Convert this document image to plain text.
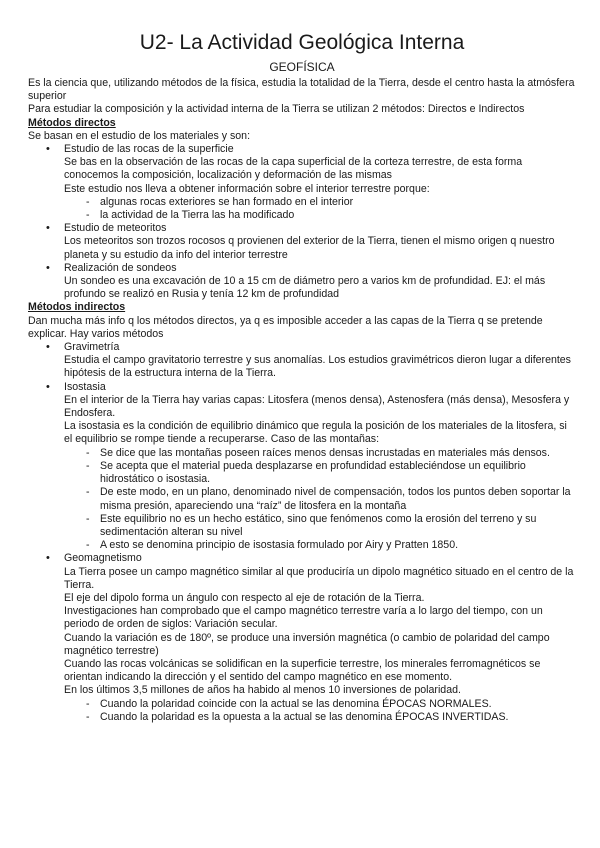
U2- La Actividad Geológica Interna
GEOFÍSICA

Es la ciencia que, utilizando métodos de la física, estudia la totalidad de la Tierra, desde el centro hasta la atmósfera superior

Para estudiar la composición y la actividad interna de la Tierra se utilizan 2 métodos: Directos e Indirectos

Métodos directos

Se basan en el estudio de los materiales y son:

• Estudio de las rocas de la superficie

Se bas en la observación de las rocas de la capa superficial de la corteza terrestre, de esta forma conocemos la composición, localización y deformación de las mismas

Este estudio nos lleva a obtener información sobre el interior terrestre porque:

- algunas rocas exteriores se han formado en el interior
- la actividad de la Tierra las ha modificado

• Estudio de meteoritos

Los meteoritos son trozos rocosos q provienen del exterior de la Tierra, tienen el mismo origen q nuestro planeta y su estudio da info del interior terrestre

• Realización de sondeos

Un sondeo es una excavación de 10 a 15 cm de diámetro pero a varios km de profundidad. EJ: el más profundo se realizó en Rusia y tenía 12 km de profundidad

Métodos indirectos

Dan mucha más info q los métodos directos, ya q es imposible acceder a las capas de la Tierra q se pretende explicar. Hay varios métodos

• Gravimetría

Estudia el campo gravitatorio terrestre y sus anomalías. Los estudios gravimétricos dieron lugar a diferentes hipótesis de la estructura interna de la Tierra.

• Isostasia

En el interior de la Tierra hay varias capas: Litosfera (menos densa), Astenosfera (más densa), Mesosfera y Endosfera.

La isostasia es la condición de equilibrio dinámico que regula la posición de los materiales de la litosfera, si el equilibrio se rompe tiende a recuperarse. Caso de las montañas:

- Se dice que las montañas poseen raíces menos densas incrustadas en materiales más densos.
- Se acepta que el material pueda desplazarse en profundidad estableciéndose un equilibrio hidrostático o isostasia.
- De este modo, en un plano, denominado nivel de compensación, todos los puntos deben soportar la misma presión, apareciendo una “raíz” de litosfera en la montaña
- Este equilibrio no es un hecho estático, sino que fenómenos como la erosión del terreno y su sedimentación alteran su nivel
- A esto se denomina principio de isostasia formulado por Airy y Pratten 1850.

• Geomagnetismo

La Tierra posee un campo magnético similar al que produciría un dipolo magnético situado en el centro de la Tierra.

El eje del dipolo forma un ángulo con respecto al eje de rotación de la Tierra.

Investigaciones han comprobado que el campo magnético terrestre varía a lo largo del tiempo, con un periodo de orden de siglos: Variación secular.

Cuando la variación es de 180º, se produce una inversión magnética (o cambio de polaridad del campo magnético terrestre)

Cuando las rocas volcánicas se solidifican en la superficie terrestre, los minerales ferromagnéticos se orientan indicando la dirección y el sentido del campo magnético en ese momento.

En los últimos 3,5 millones de años ha habido al menos 10 inversiones de polaridad.

- Cuando la polaridad coincide con la actual se las denomina ÉPOCAS NORMALES.
- Cuando la polaridad es la opuesta a la actual se las denomina ÉPOCAS INVERTIDAS.
